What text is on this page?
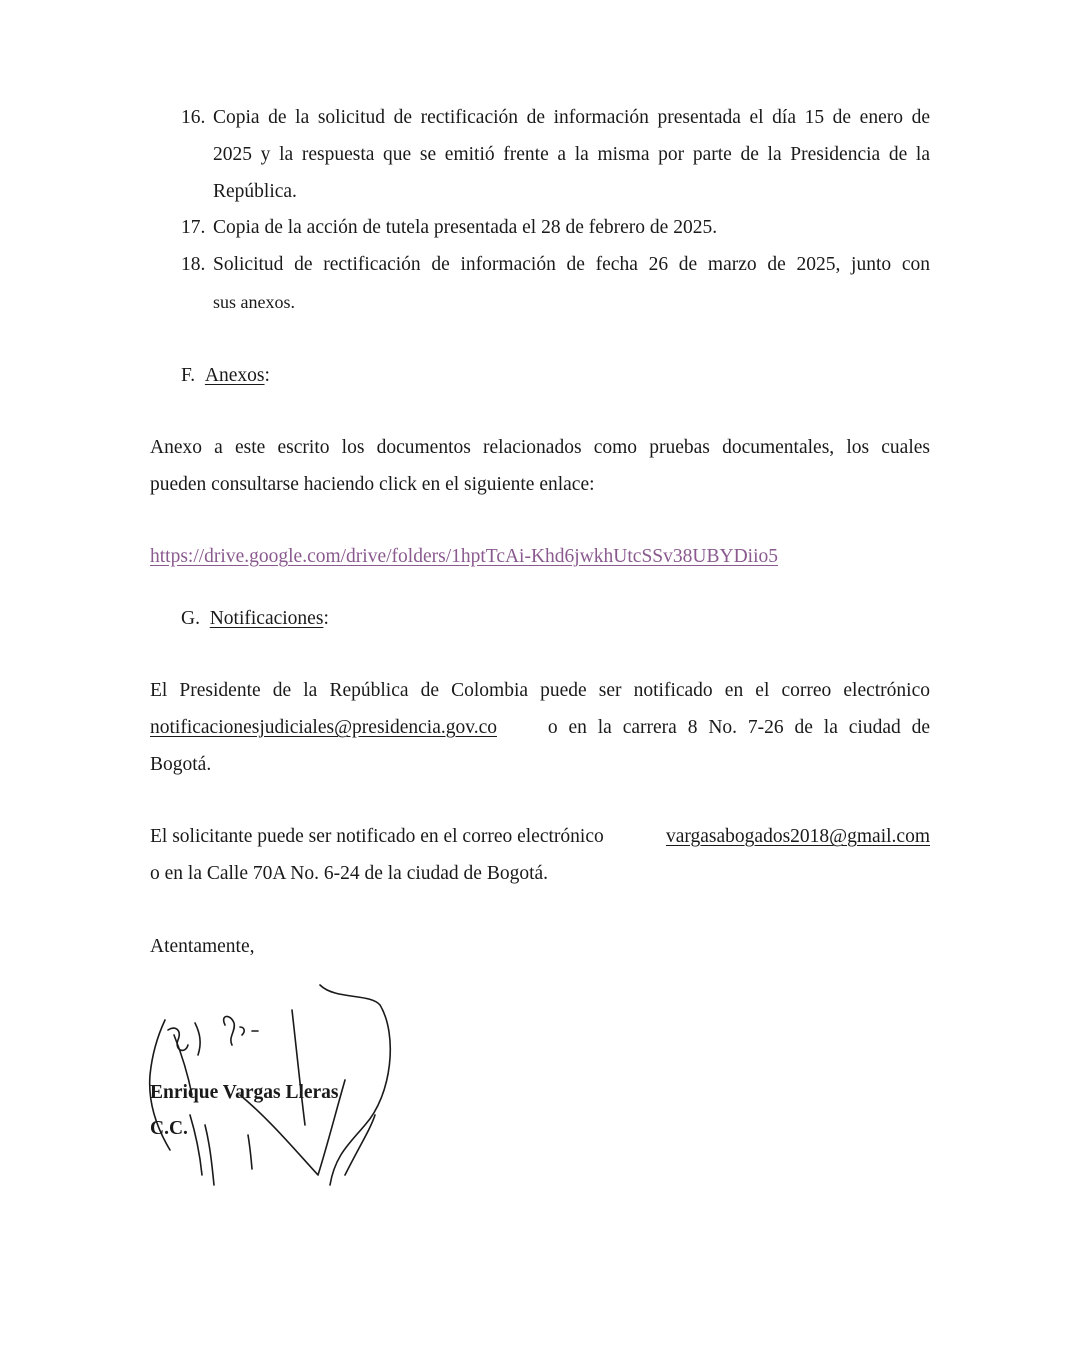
16. Copia de la solicitud de rectificación de información presentada el día 15 de enero de
2025 y la respuesta que se emitió frente a la misma por parte de la Presidencia de la
República.
17. Copia de la acción de tutela presentada el 28 de febrero de 2025.
18. Solicitud de rectificación de información de fecha 26 de marzo de 2025, junto con
sus anexos.
F. Anexos:
Anexo a este escrito los documentos relacionados como pruebas documentales, los cuales
pueden consultarse haciendo click en el siguiente enlace:
https://drive.google.com/drive/folders/1hptTcAi-Khd6jwkhUtcSSv38UBYDiio5
G. Notificaciones:
El Presidente de la República de Colombia puede ser notificado en el correo electrónico
notificacionesjudiciales@presidencia.gov.co	o en la carrera 8 No. 7-26 de la ciudad de
Bogotá.
El solicitante puede ser notificado en el correo electrónico	vargasabogados2018@gmail.com
o en la Calle 70A No. 6-24 de la ciudad de Bogotá.
Atentamente,
Enrique Vargas Lleras
C.C.
